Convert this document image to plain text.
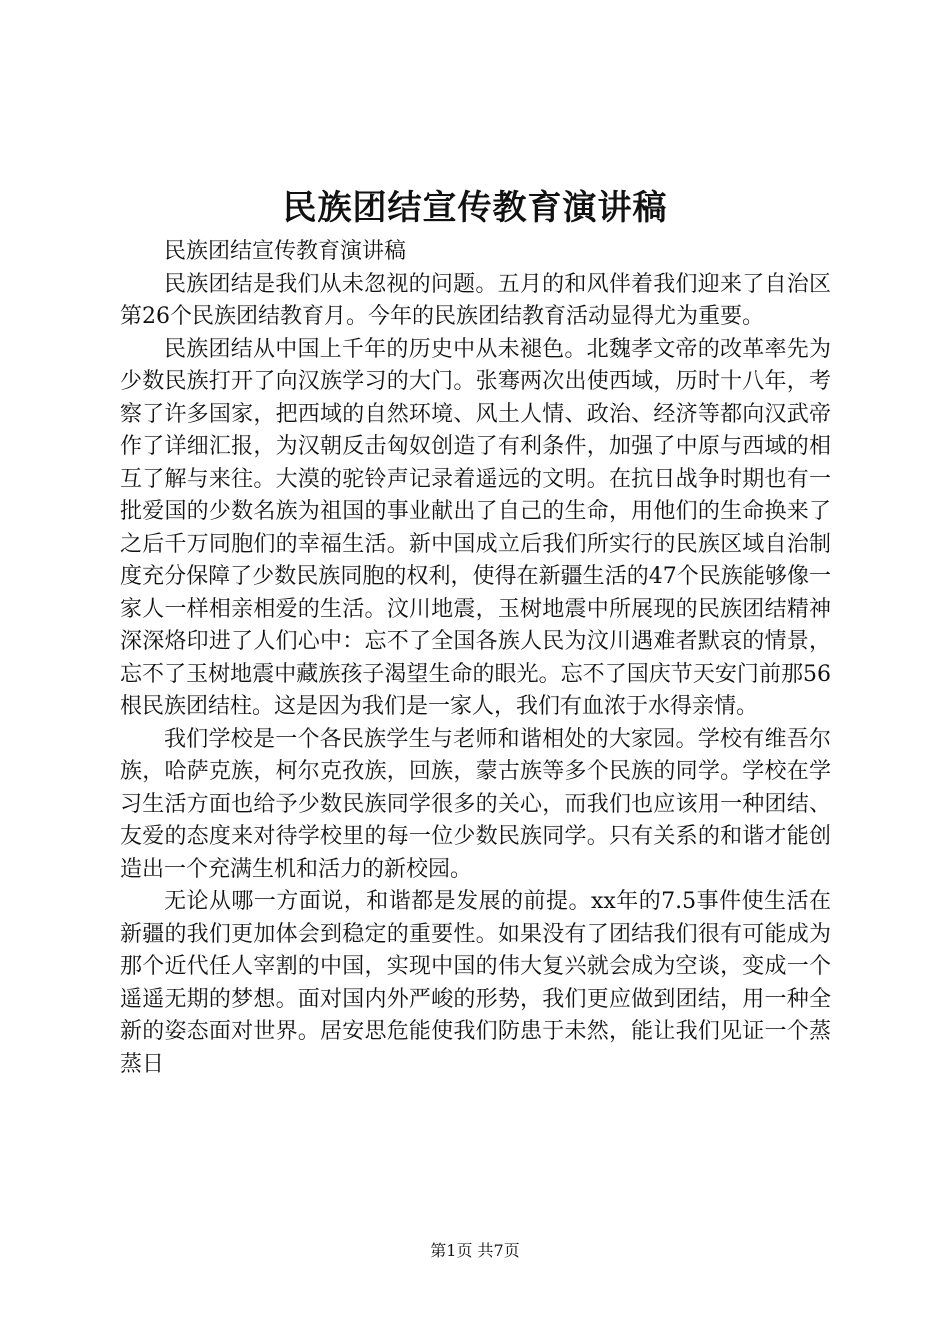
民族团结宣传教育演讲稿

民族团结宣传教育演讲稿

民族团结是我们从未忽视的问题。五月的和风伴着我们迎来了自治区第26个民族团结教育月。今年的民族团结教育活动显得尤为重要。

民族团结从中国上千年的历史中从未褪色。北魏孝文帝的改革率先为少数民族打开了向汉族学习的大门。张骞两次出使西域，历时十八年，考察了许多国家，把西域的自然环境、风土人情、政治、经济等都向汉武帝作了详细汇报，为汉朝反击匈奴创造了有利条件，加强了中原与西域的相互了解与来往。大漠的驼铃声记录着遥远的文明。在抗日战争时期也有一批爱国的少数名族为祖国的事业献出了自己的生命，用他们的生命换来了之后千万同胞们的幸福生活。新中国成立后我们所实行的民族区域自治制度充分保障了少数民族同胞的权利，使得在新疆生活的47个民族能够像一家人一样相亲相爱的生活。汶川地震，玉树地震中所展现的民族团结精神深深烙印进了人们心中：忘不了全国各族人民为汶川遇难者默哀的情景，忘不了玉树地震中藏族孩子渴望生命的眼光。忘不了国庆节天安门前那56根民族团结柱。这是因为我们是一家人，我们有血浓于水得亲情。

我们学校是一个各民族学生与老师和谐相处的大家园。学校有维吾尔族，哈萨克族，柯尔克孜族，回族，蒙古族等多个民族的同学。学校在学习生活方面也给予少数民族同学很多的关心，而我们也应该用一种团结、友爱的态度来对待学校里的每一位少数民族同学。只有关系的和谐才能创造出一个充满生机和活力的新校园。

无论从哪一方面说，和谐都是发展的前提。xx年的7.5事件使生活在新疆的我们更加体会到稳定的重要性。如果没有了团结我们很有可能成为那个近代任人宰割的中国，实现中国的伟大复兴就会成为空谈，变成一个遥遥无期的梦想。面对国内外严峻的形势，我们更应做到团结，用一种全新的姿态面对世界。居安思危能使我们防患于未然，能让我们见证一个蒸蒸日

第1页 共7页
